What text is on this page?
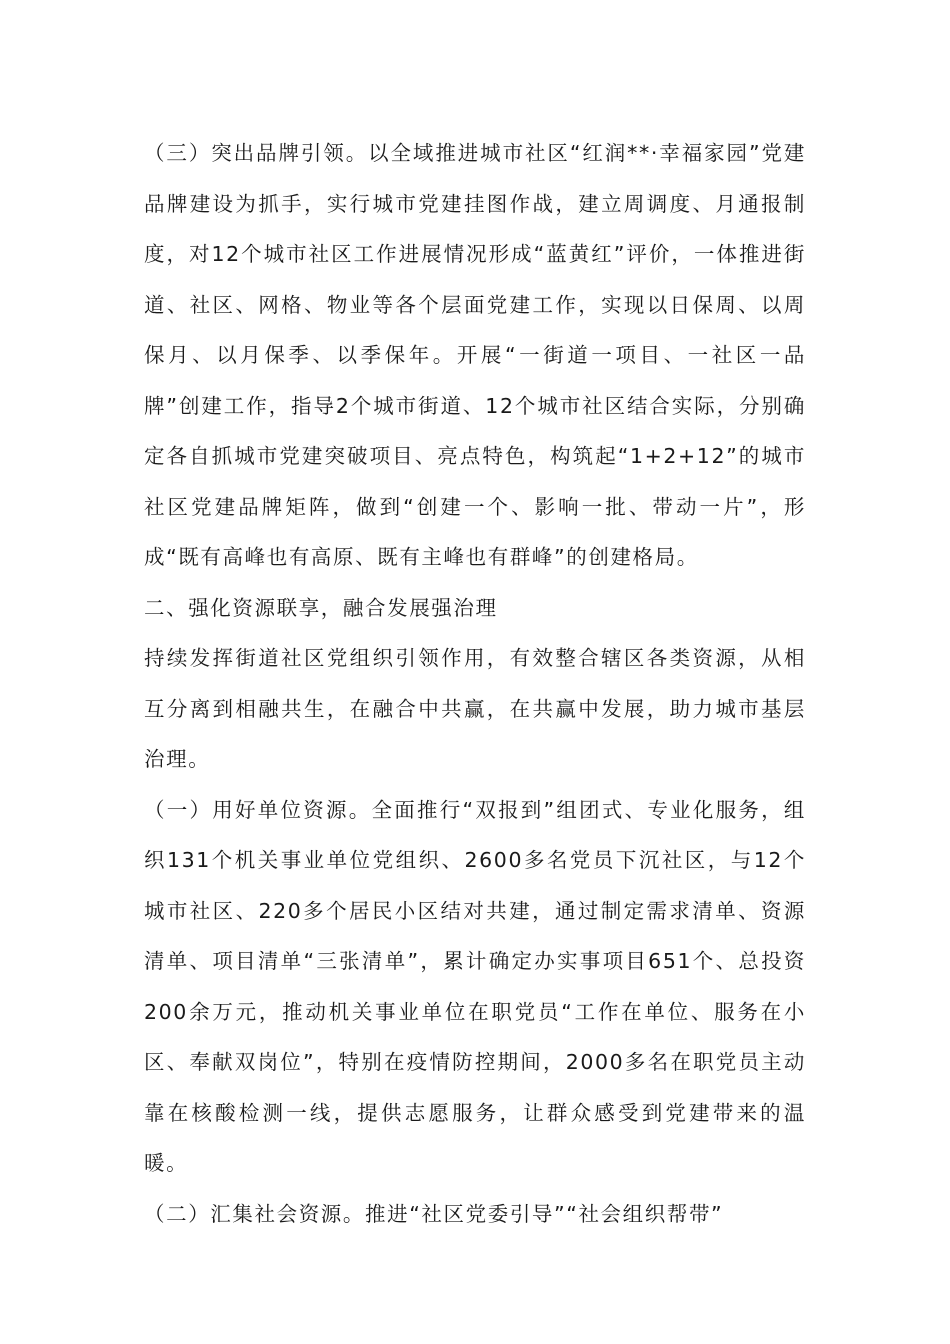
（三）突出品牌引领。以全域推进城市社区“红润**·幸福家园”党建品牌建设为抓手，实行城市党建挂图作战，建立周调度、月通报制度，对12个城市社区工作进展情况形成“蓝黄红”评价，一体推进街道、社区、网格、物业等各个层面党建工作，实现以日保周、以周保月、以月保季、以季保年。开展“一街道一项目、一社区一品牌”创建工作，指导2个城市街道、12个城市社区结合实际，分别确定各自抓城市党建突破项目、亮点特色，构筑起“1+2+12”的城市社区党建品牌矩阵，做到“创建一个、影响一批、带动一片”，形成“既有高峰也有高原、既有主峰也有群峰”的创建格局。

二、强化资源联享，融合发展强治理

持续发挥街道社区党组织引领作用，有效整合辖区各类资源，从相互分离到相融共生，在融合中共赢，在共赢中发展，助力城市基层治理。

（一）用好单位资源。全面推行“双报到”组团式、专业化服务，组织131个机关事业单位党组织、2600多名党员下沉社区，与12个城市社区、220多个居民小区结对共建，通过制定需求清单、资源清单、项目清单“三张清单”，累计确定办实事项目651个、总投资200余万元，推动机关事业单位在职党员“工作在单位、服务在小区、奉献双岗位”，特别在疫情防控期间，2000多名在职党员主动靠在核酸检测一线，提供志愿服务，让群众感受到党建带来的温暖。

（二）汇集社会资源。推进“社区党委引导”“社会组织帮带”
